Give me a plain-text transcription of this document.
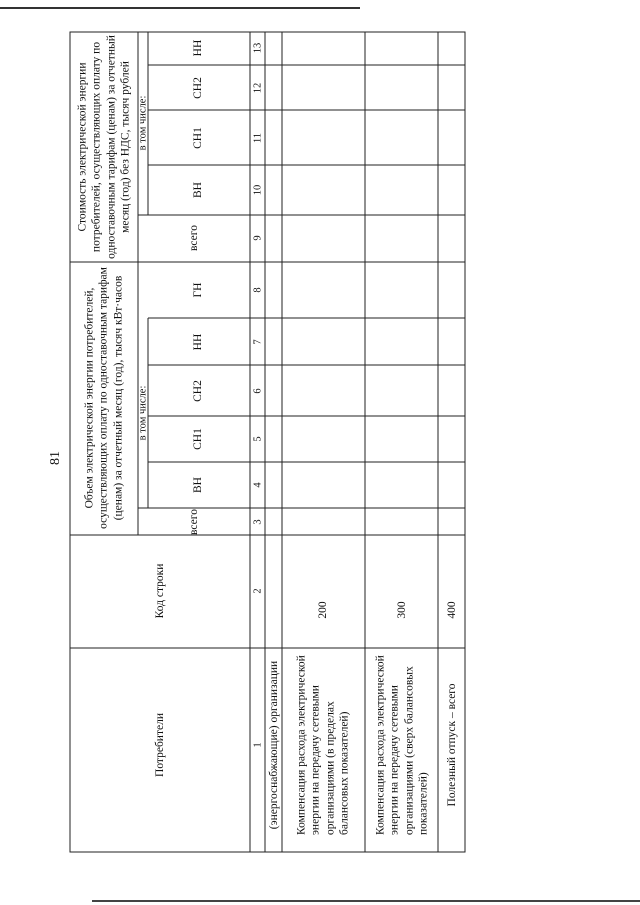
81
Потребители
Код строки
Объем электрической энергии потребителей, осуществляющих оплату по одноставочным тарифам (ценам) за отчетный месяц (год), тысяч кВт·часов
Стоимость электрической энергии потребителей, осуществляющих оплату по одноставочным тарифам (ценам) за отчетный месяц (год) без НДС, тысяч рублей
в том числе:
в том числе:
всего
ВН
СН1
СН2
НН
ГН
всего
ВН
СН1
СН2
НН
1
2
3
4
5
6
7
8
9
10
11
12
13
(энергоснабжающие) организации Компенсация расхода электрической энергии на передачу сетевыми организациями (в пределах балансовых показателей)
200
Компенсация расхода электрической энергии на передачу сетевыми организациями (сверх балансовых показателей)
300
Полезный отпуск – всего
400
